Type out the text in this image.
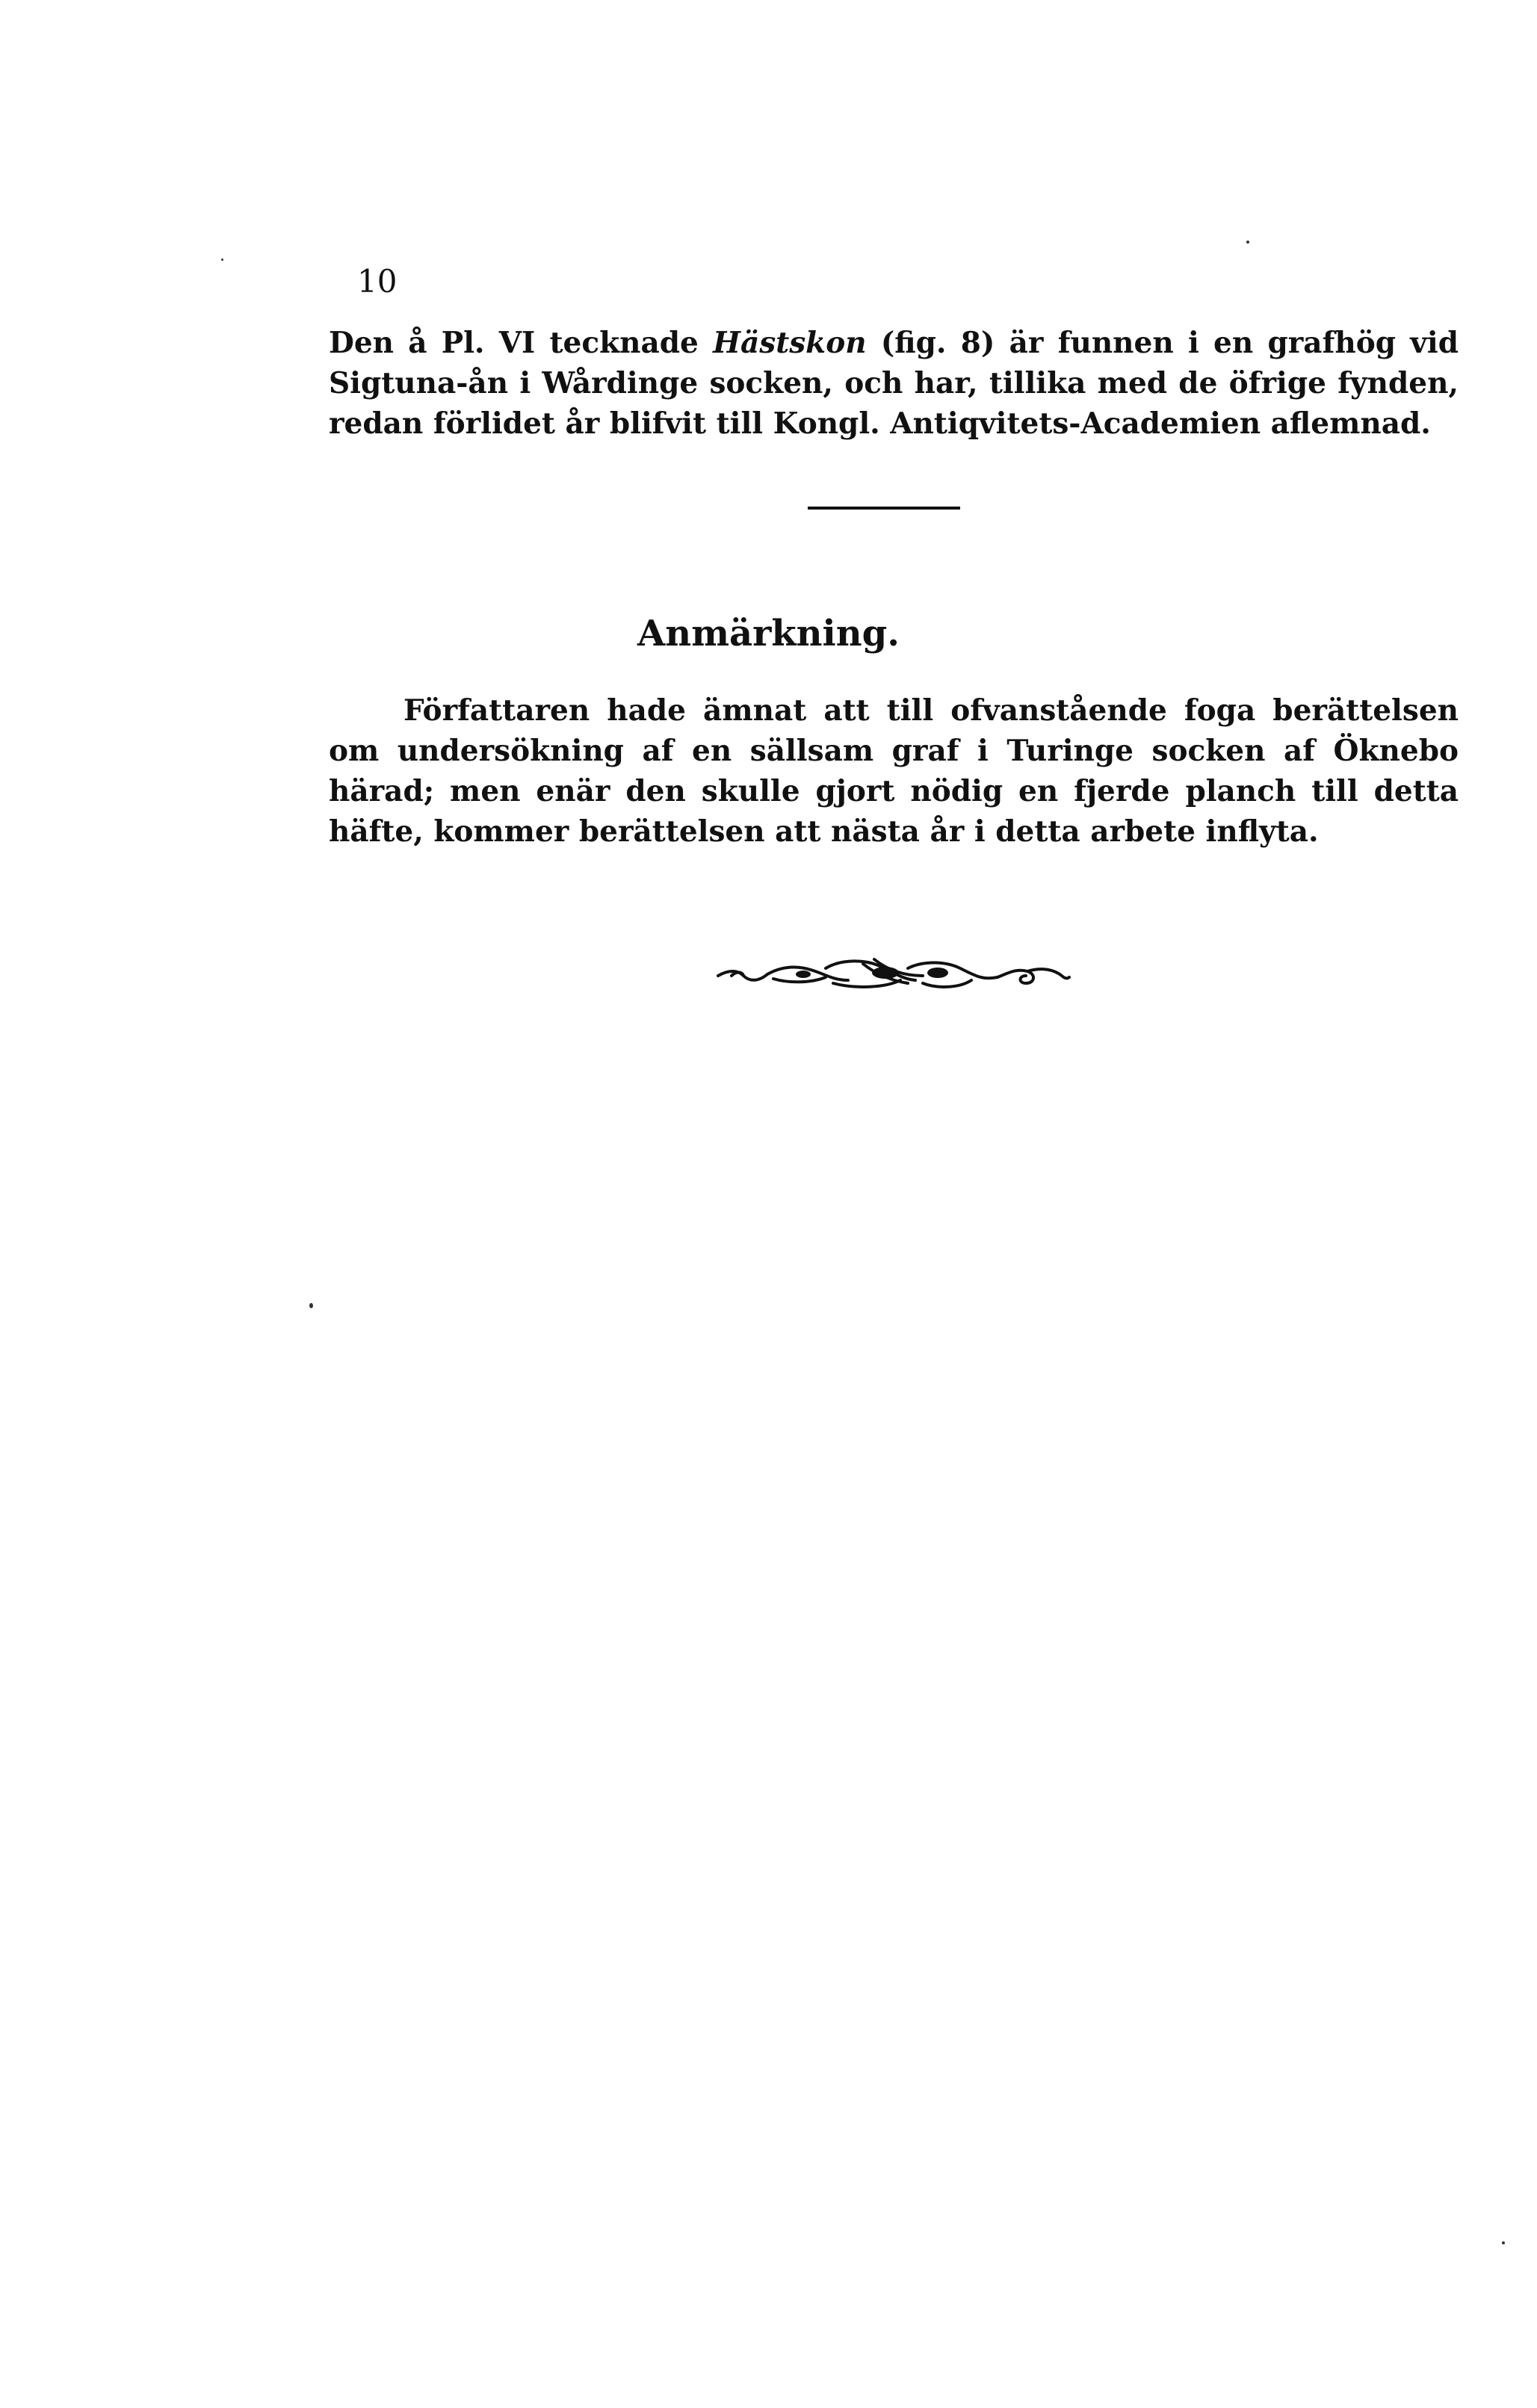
10

Den å Pl. VI tecknade Hästskon (fig. 8) är funnen i en grafhög vid Sigtuna-ån i Wårdinge socken, och har, tillika med de öfrige fynden, redan förlidet år blifvit till Kongl. Antiqvitets-Academien aflemnad.

Anmärkning.

Författaren hade ämnat att till ofvanstående foga berättelsen om undersökning af en sällsam graf i Turinge socken af Öknebo härad; men enär den skulle gjort nödig en fjerde planch till detta häfte, kommer berättelsen att nästa år i detta arbete inflyta.
